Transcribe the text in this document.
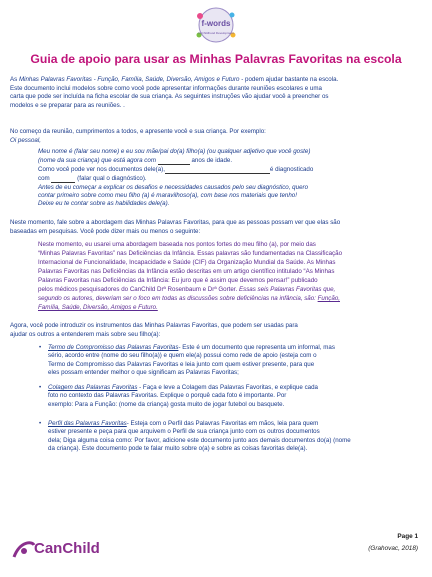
f-words
in Childhood Development
Guia de apoio para usar as Minhas Palavras Favoritas na escola
As Minhas Palavras Favoritas - Função, Família, Saúde, Diversão, Amigos e Futuro - podem ajudar bastante na escola.
Este documento inclui modelos sobre como você pode apresentar informações durante reuniões escolares e uma
carta que pode ser incluída na ficha escolar de sua criança. As seguintes instruções vão ajudar você a preencher os
modelos e se preparar para as reuniões. .
No começo da reunião, cumprimentos a todos, e apresente você e sua criança. Por exemplo:
Oi pessoal,
Meu nome é (falar seu nome) e eu sou mãe/pai do(a) filho(a) (ou qualquer adjetivo que você goste)
(nome da sua criança) que está agora com	anos de idade.
Como você pode ver nos documentos dele(a),	é diagnosticado
com	(falar qual o diagnóstico).
Antes de eu começar a explicar os desafios e necessidades causados pelo seu diagnóstico, quero
contar primeiro sobre como meu filho (a) é maravilhoso(a), com base nos materiais que tenho!
Deixe eu te contar sobre as habilidades dele(a).
Neste momento, fale sobre a abordagem das Minhas Palavras Favoritas, para que as pessoas possam ver que elas são
baseadas em pesquisas. Você pode dizer mais ou menos o seguinte:
Neste momento, eu usarei uma abordagem baseada nos pontos fortes do meu filho (a), por meio das
“Minhas Palavras Favoritas” nas Deficiências da Infância. Essas palavras são fundamentadas na Classificação
Internacional de Funcionalidade, Incapacidade e Saúde (CIF) da Organização Mundial da Saúde. As Minhas
Palavras Favoritas nas Deficiências da Infância estão descritas em um artigo científico intitulado “As Minhas
Palavras Favoritas nas Deficiências da Infância: Eu juro que é assim que devemos pensar!” publicado
pelos médicos pesquisadores do CanChild Drª Rosenbaum e Drª Gorter. Essas seis Palavras Favoritas que,
segundo os autores, deveriam ser o foco em todas as discussões sobre deficiências na infância, são: Função,
Família, Saúde, Diversão, Amigos e Futuro.
Agora, você pode introduzir os instrumentos das Minhas Palavras Favoritas, que podem ser usadas para
ajudar os outros a entenderem mais sobre seu filho(a):
• Termo de Compromisso das Palavras Favoritas- Este é um documento que representa um informal, mas
sério, acordo entre (nome do seu filho(a)) e quem ele(a) possui como rede de apoio (esteja com o
Termo de Compromisso das Palavras Favoritas e leia junto com quem estiver presente, para que
eles possam entender melhor o que significam as Palavras Favoritas;
• Colagem das Palavras Favoritas - Faça e leve a Colagem das Palavras Favoritas, e explique cada
foto no contexto das Palavras Favoritas. Explique o porquê cada foto é importante. Por
exemplo: Para a Função: (nome da criança) gosta muito de jogar futebol ou basquete.
• Perfil das Palavras Favoritas- Esteja com o Perfil das Palavras Favoritas em mãos, leia para quem
estiver presente e peça para que arquivem o Perfil de sua criança junto com os outros documentos
dela; Diga alguma coisa como: Por favor, adicione este documento junto aos demais documentos do(a) (nome
da criança). Este documento pode te falar muito sobre o(a) e sobre as coisas favoritas dele(a).
CanChild
Page 1
(Grahovac, 2018)
